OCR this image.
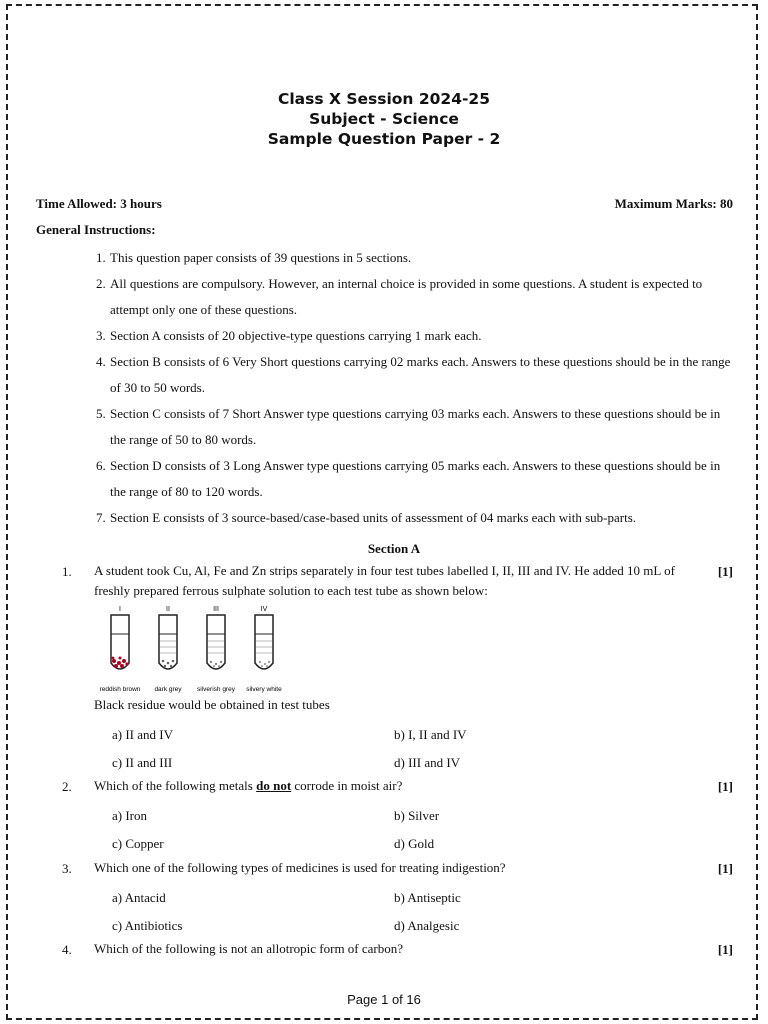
Class X Session 2024-25
Subject - Science
Sample Question Paper - 2
Time Allowed: 3 hours	Maximum Marks: 80
General Instructions:
1. This question paper consists of 39 questions in 5 sections.
2. All questions are compulsory. However, an internal choice is provided in some questions. A student is expected to attempt only one of these questions.
3. Section A consists of 20 objective-type questions carrying 1 mark each.
4. Section B consists of 6 Very Short questions carrying 02 marks each. Answers to these questions should be in the range of 30 to 50 words.
5. Section C consists of 7 Short Answer type questions carrying 03 marks each. Answers to these questions should be in the range of 50 to 80 words.
6. Section D consists of 3 Long Answer type questions carrying 05 marks each. Answers to these questions should be in the range of 80 to 120 words.
7. Section E consists of 3 source-based/case-based units of assessment of 04 marks each with sub-parts.
Section A
1. A student took Cu, Al, Fe and Zn strips separately in four test tubes labelled I, II, III and IV. He added 10 mL of freshly prepared ferrous sulphate solution to each test tube as shown below:
[1]
I
reddish brown
II
dark grey
III
silverish grey
IV
silvery white
Black residue would be obtained in test tubes
a) II and IV	b) I, II and IV
c) II and III	d) III and IV
2. Which of the following metals do not corrode in moist air?	[1]
a) Iron	b) Silver
c) Copper	d) Gold
3. Which one of the following types of medicines is used for treating indigestion?	[1]
a) Antacid	b) Antiseptic
c) Antibiotics	d) Analgesic
4. Which of the following is not an allotropic form of carbon?	[1]
Page 1 of 16
